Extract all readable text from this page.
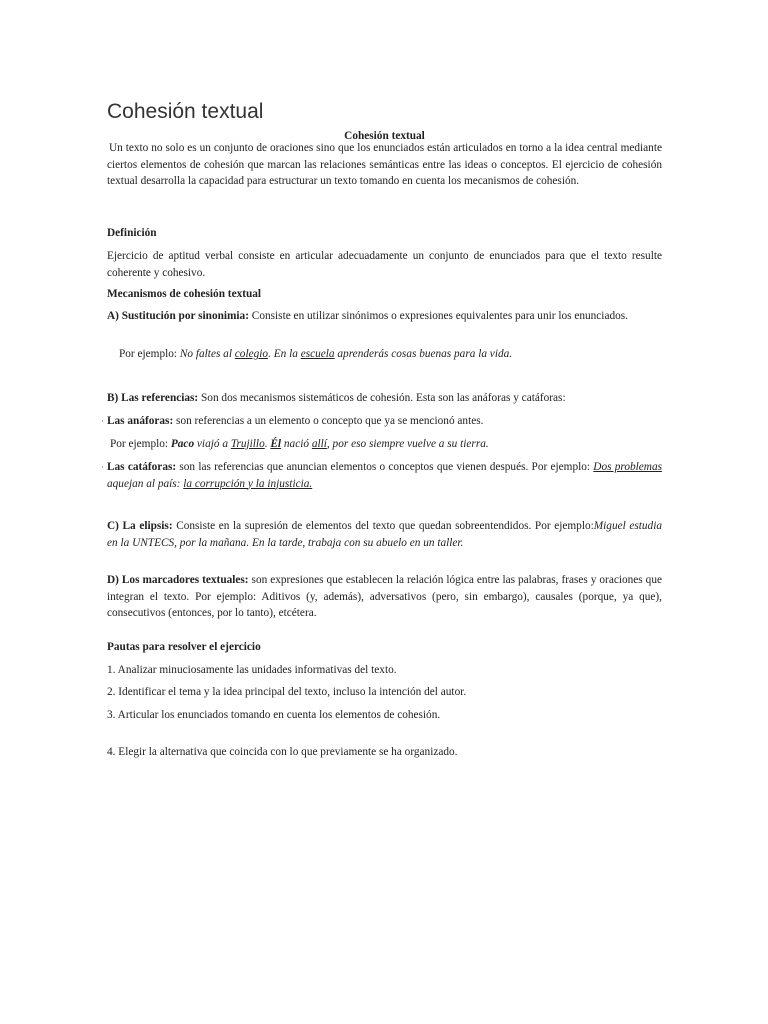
Cohesión textual

Cohesión textual

Un texto no solo es un conjunto de oraciones sino que los enunciados están articulados en torno a la idea central mediante ciertos elementos de cohesión que marcan las relaciones semánticas entre las ideas o conceptos. El ejercicio de cohesión textual desarrolla la capacidad para estructurar un texto tomando en cuenta los mecanismos de cohesión.

Definición

Ejercicio de aptitud verbal consiste en articular adecuadamente un conjunto de enunciados para que el texto resulte coherente y cohesivo.

Mecanismos de cohesión textual

A) Sustitución por sinonimia: Consiste en utilizar sinónimos o expresiones equivalentes para unir los enunciados.

Por ejemplo: No faltes al colegio. En la escuela aprenderás cosas buenas para la vida.

B) Las referencias: Son dos mecanismos sistemáticos de cohesión. Esta son las anáforas y catáforas:

· Las anáforas: son referencias a un elemento o concepto que ya se mencionó antes.

Por ejemplo: Paco viajó a Trujillo. Él nació allí, por eso siempre vuelve a su tierra.

· Las catáforas: son las referencias que anuncian elementos o conceptos que vienen después. Por ejemplo: Dos problemas aquejan al país: la corrupción y la injusticia.

C) La elipsis: Consiste en la supresión de elementos del texto que quedan sobreentendidos. Por ejemplo:Miguel estudia en la UNTECS, por la mañana. En la tarde, trabaja con su abuelo en un taller.

D) Los marcadores textuales: son expresiones que establecen la relación lógica entre las palabras, frases y oraciones que integran el texto. Por ejemplo: Aditivos (y, además), adversativos (pero, sin embargo), causales (porque, ya que), consecutivos (entonces, por lo tanto), etcétera.

Pautas para resolver el ejercicio

1. Analizar minuciosamente las unidades informativas del texto.

2. Identificar el tema y la idea principal del texto, incluso la intención del autor.

3. Articular los enunciados tomando en cuenta los elementos de cohesión.

4. Elegir la alternativa que coincida con lo que previamente se ha organizado.
